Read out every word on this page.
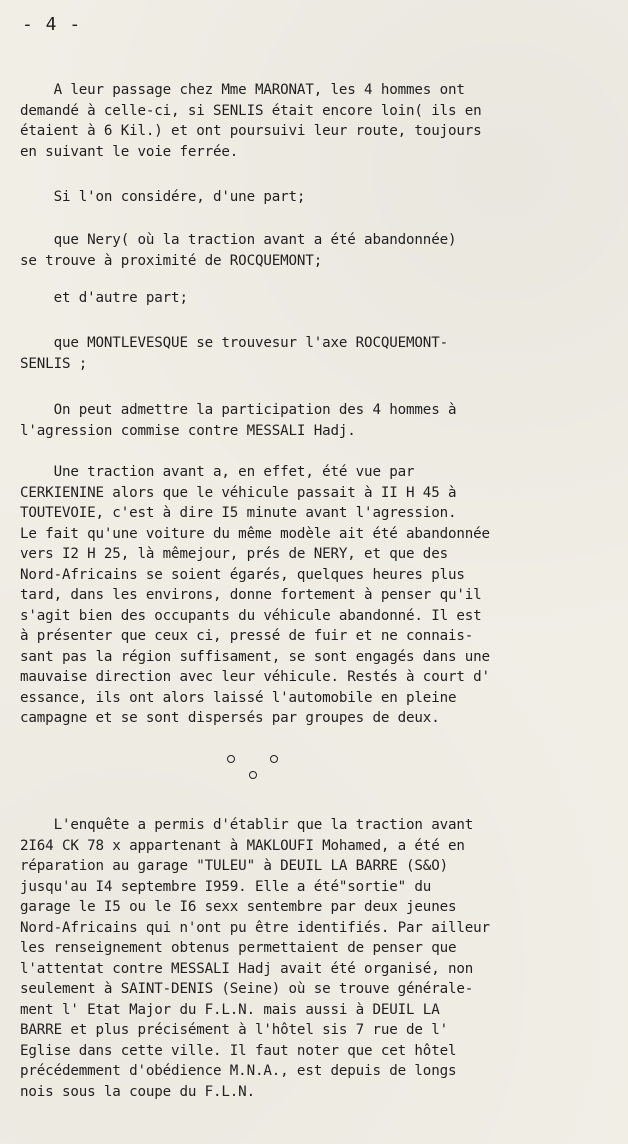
- 4 -
A leur passage chez Mme MARONAT, les 4 hommes ont
demandé à celle-ci, si SENLIS était encore loin( ils en
étaient à 6 Kil.) et ont poursuivi leur route, toujours
en suivant le voie ferrée.
Si l'on considére, d'une part;
que Nery( où la traction avant a été abandonnée)
se trouve à proximité de ROCQUEMONT;
et d'autre part;
que MONTLEVESQUE se trouvesur l'axe ROCQUEMONT-
SENLIS ;
On peut admettre la participation des 4 hommes à
l'agression commise contre MESSALI Hadj.
Une traction avant a, en effet, été vue par
CERKIENINE alors que le véhicule passait à II H 45 à
TOUTEVOIE, c'est à dire I5 minute avant l'agression.
Le fait qu'une voiture du même modèle ait été abandonnée
vers I2 H 25, là mêmejour, prés de NERY, et que des
Nord-Africains se soient égarés, quelques heures plus
tard, dans les environs, donne fortement à penser qu'il
s'agit bien des occupants du véhicule abandonné. Il est
à présenter que ceux ci, pressé de fuir et ne connais-
sant pas la région suffisament, se sont engagés dans une
mauvaise direction avec leur véhicule. Restés à court d'
essance, ils ont alors laissé l'automobile en pleine
campagne et se sont dispersés par groupes de deux.
L'enquête a permis d'établir que la traction avant
2I64 CK 78 x appartenant à MAKLOUFI Mohamed, a été en
réparation au garage "TULEU" à DEUIL LA BARRE (S&O)
jusqu'au I4 septembre I959. Elle a été"sortie" du
garage le I5 ou le I6 sexx sentembre par deux jeunes
Nord-Africains qui n'ont pu être identifiés. Par ailleur
les renseignement obtenus permettaient de penser que
l'attentat contre MESSALI Hadj avait été organisé, non
seulement à SAINT-DENIS (Seine) où se trouve générale-
ment l' Etat Major du F.L.N. mais aussi à DEUIL LA
BARRE et plus précisément à l'hôtel sis 7 rue de l'
Eglise dans cette ville. Il faut noter que cet hôtel
précédemment d'obédience M.N.A., est depuis de longs
nois sous la coupe du F.L.N.
